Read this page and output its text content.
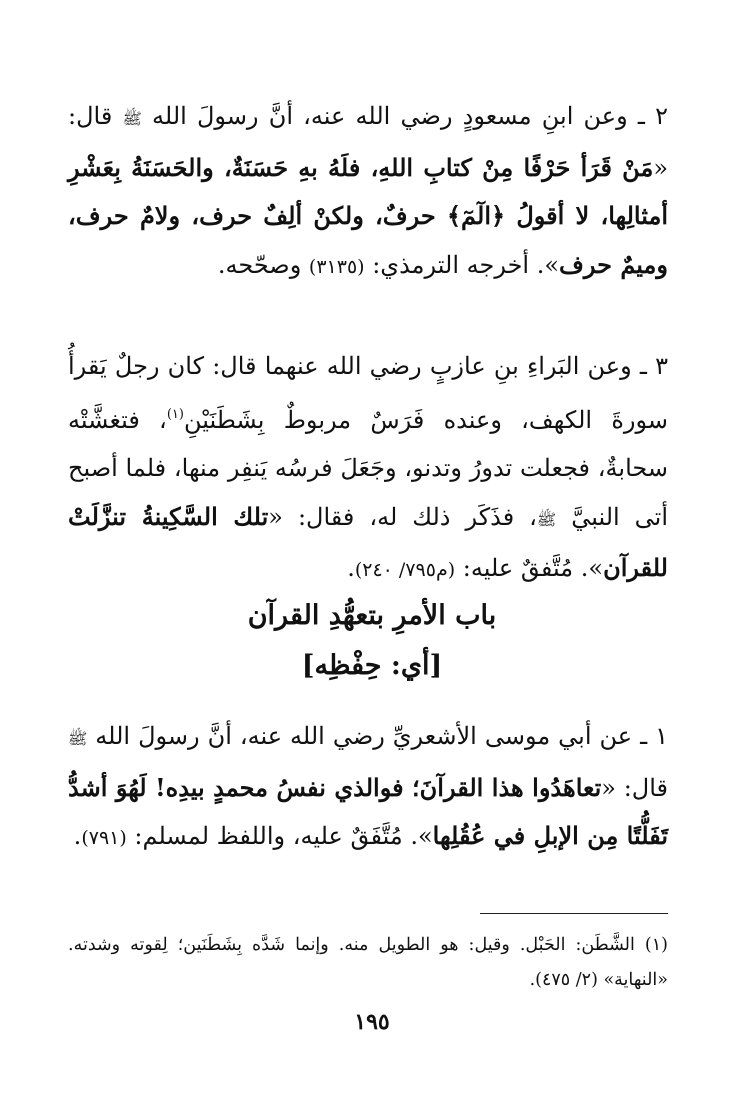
٢ ـ وعن ابنِ مسعودٍ رضي الله عنه، أنَّ رسولَ الله ﷺ قال: «مَنْ قَرَأ حَرْفًا مِنْ كتابِ اللهِ، فلَهُ بهِ حَسَنَةٌ، والحَسَنَةُ بِعَشْرِ أمثالِها، لا أقولُ ﴿الٓمٓ﴾ حرفٌ، ولكنْ ألِفٌ حرف، ولامٌ حرف، وميمٌ حرف». أخرجه الترمذي: (٣١٣٥) وصحّحه.

٣ ـ وعن البَراءِ بنِ عازبٍ رضي الله عنهما قال: كان رجلٌ يَقرأُ سورةَ الكهف، وعنده فَرَسٌ مربوطٌ بِشَطَنَيْنِ$^{(١)}$، فتغشَّتْه سحابةٌ، فجعلت تدورُ وتدنو، وجَعَلَ فرسُه يَنفِر منها، فلما أصبح أتى النبيَّ ﷺ، فذَكَر ذلك له، فقال: «تلك السَّكِينةُ تنزَّلَتْ للقرآن». مُتَّفقٌ عليه: (م٧٩٥/ ٢٤٠).

باب الأمرِ بتعهُّدِ القرآن
[أي: حِفْظِه]

١ ـ عن أبي موسى الأشعريِّ رضي الله عنه، أنَّ رسولَ الله ﷺ قال: «تعاهَدُوا هذا القرآنَ؛ فوالذي نفسُ محمدٍ بيدِه! لَهُوَ أشدُّ تَفَلُّتًا مِن الإبلِ في عُقُلِها». مُتَّفَقٌ عليه، واللفظ لمسلم: (٧٩١).

(١) الشَّطَن: الحَبْل. وقيل: هو الطويل منه. وإنما شَدَّه بِشَطَنَين؛ لِقوته وشدته. «النهاية» (٢/ ٤٧٥).

١٩٥
